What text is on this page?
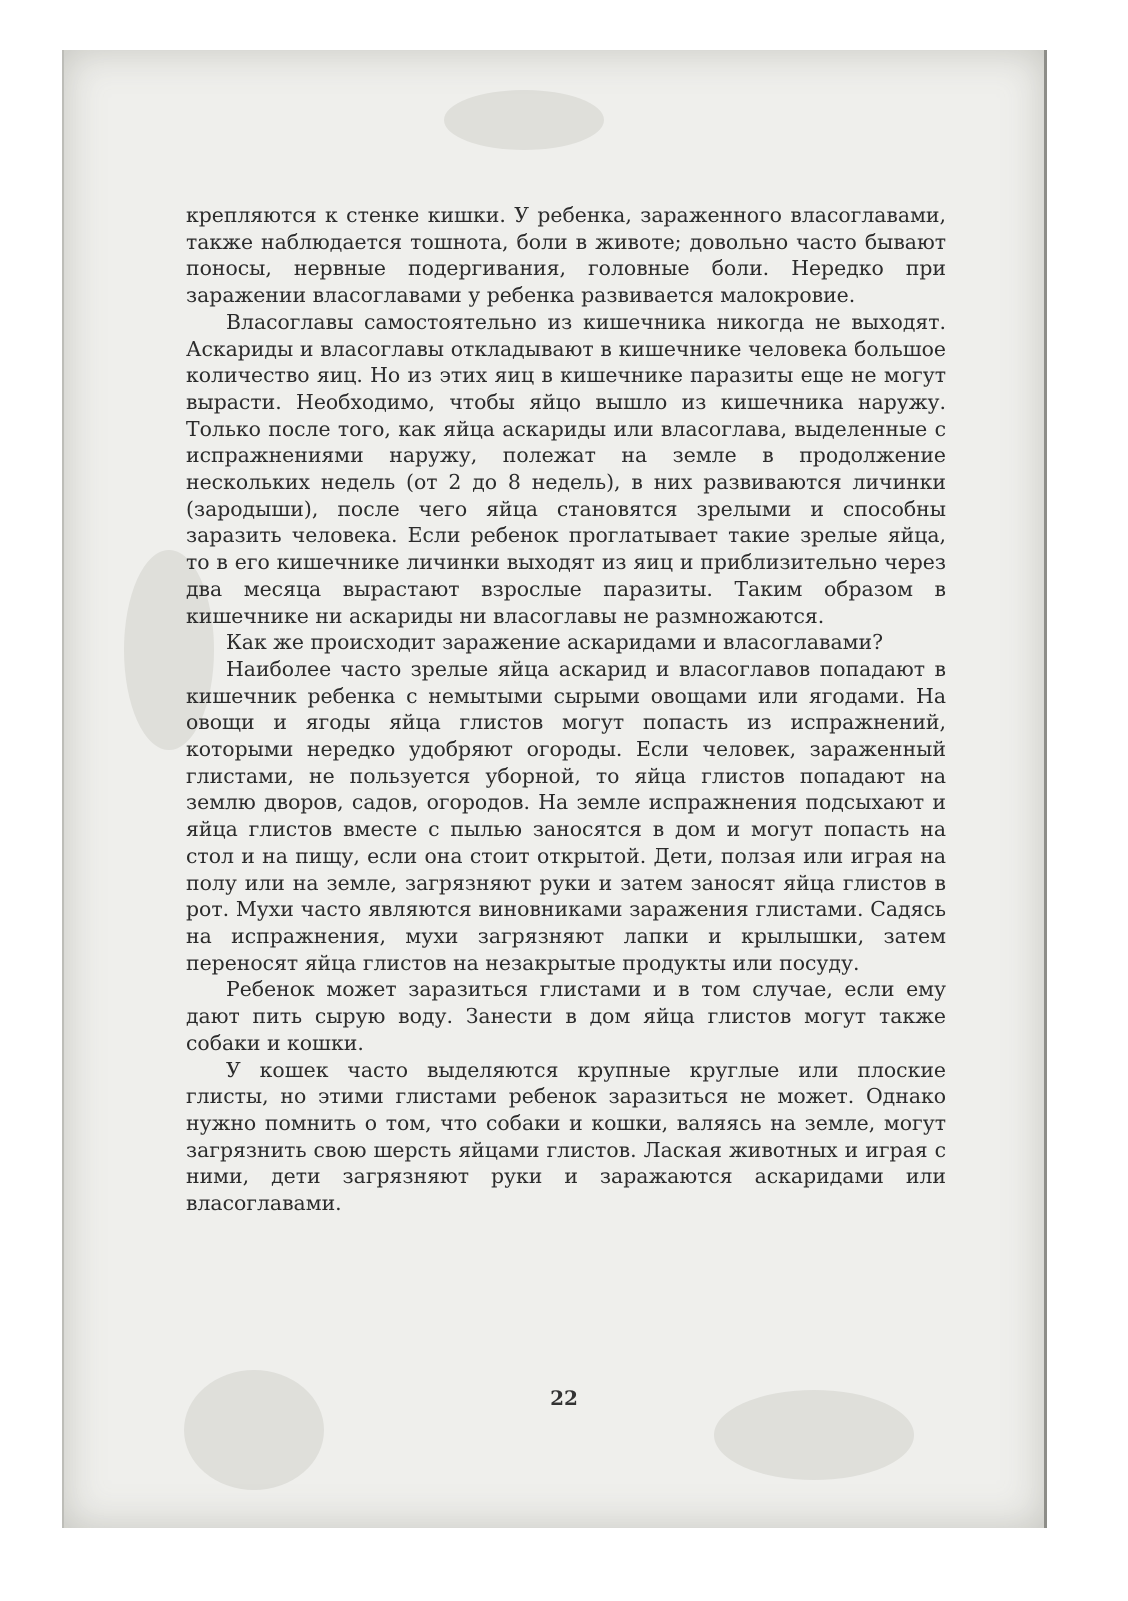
крепляются к стенке кишки. У ребенка, зараженного власоглавами, также наблюдается тошнота, боли в животе; довольно часто бывают поносы, нервные подергивания, головные боли. Нередко при заражении власоглавами у ребенка развивается малокровие.

Власоглавы самостоятельно из кишечника никогда не выходят. Аскариды и власоглавы откладывают в кишечнике человека большое количество яиц. Но из этих яиц в кишечнике паразиты еще не могут вырасти. Необходимо, чтобы яйцо вышло из кишечника наружу. Только после того, как яйца аскариды или власоглава, выделенные с испражнениями наружу, полежат на земле в продолжение нескольких недель (от 2 до 8 недель), в них развиваются личинки (зародыши), после чего яйца становятся зрелыми и способны заразить человека. Если ребенок проглатывает такие зрелые яйца, то в его кишечнике личинки выходят из яиц и приблизительно через два месяца вырастают взрослые паразиты. Таким образом в кишечнике ни аскариды ни власоглавы не размножаются.

Как же происходит заражение аскаридами и власоглавами?

Наиболее часто зрелые яйца аскарид и власоглавов попадают в кишечник ребенка с немытыми сырыми овощами или ягодами. На овощи и ягоды яйца глистов могут попасть из испражнений, которыми нередко удобряют огороды. Если человек, зараженный глистами, не пользуется уборной, то яйца глистов попадают на землю дворов, садов, огородов. На земле испражнения подсыхают и яйца глистов вместе с пылью заносятся в дом и могут попасть на стол и на пищу, если она стоит открытой. Дети, ползая или играя на полу или на земле, загрязняют руки и затем заносят яйца глистов в рот. Мухи часто являются виновниками заражения глистами. Садясь на испражнения, мухи загрязняют лапки и крылышки, затем переносят яйца глистов на незакрытые продукты или посуду.

Ребенок может заразиться глистами и в том случае, если ему дают пить сырую воду. Занести в дом яйца глистов могут также собаки и кошки.

У кошек часто выделяются крупные круглые или плоские глисты, но этими глистами ребенок заразиться не может. Однако нужно помнить о том, что собаки и кошки, валяясь на земле, могут загрязнить свою шерсть яйцами глистов. Лаская животных и играя с ними, дети загрязняют руки и заражаются аскаридами или власоглавами.

22
